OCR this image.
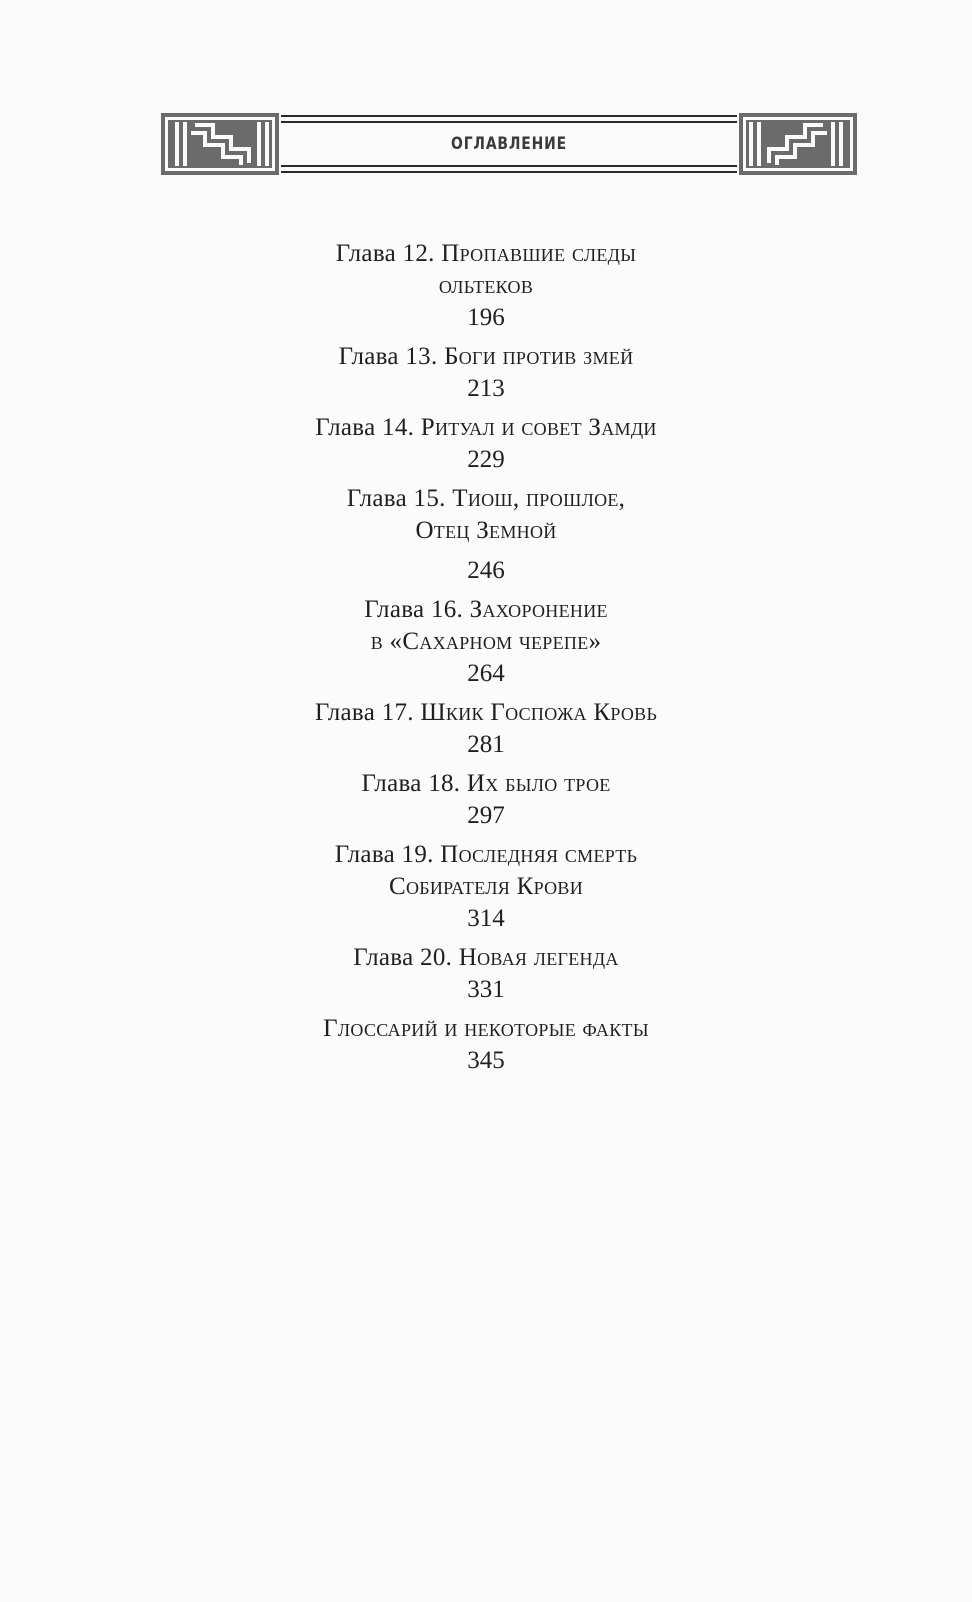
ОГЛАВЛЕНИЕ
Глава 12. Пропавшие следы
ольтеков
196
Глава 13. Боги против змей
213
Глава 14. Ритуал и совет Замди
229
Глава 15. Тиош, прошлое,
Отец Земной
246
Глава 16. Захоронение
в «Сахарном черепе»
264
Глава 17. Шкик Госпожа Кровь
281
Глава 18. Их было трое
297
Глава 19. Последняя смерть
Собирателя Крови
314
Глава 20. Новая легенда
331
Глоссарий и некоторые факты
345
